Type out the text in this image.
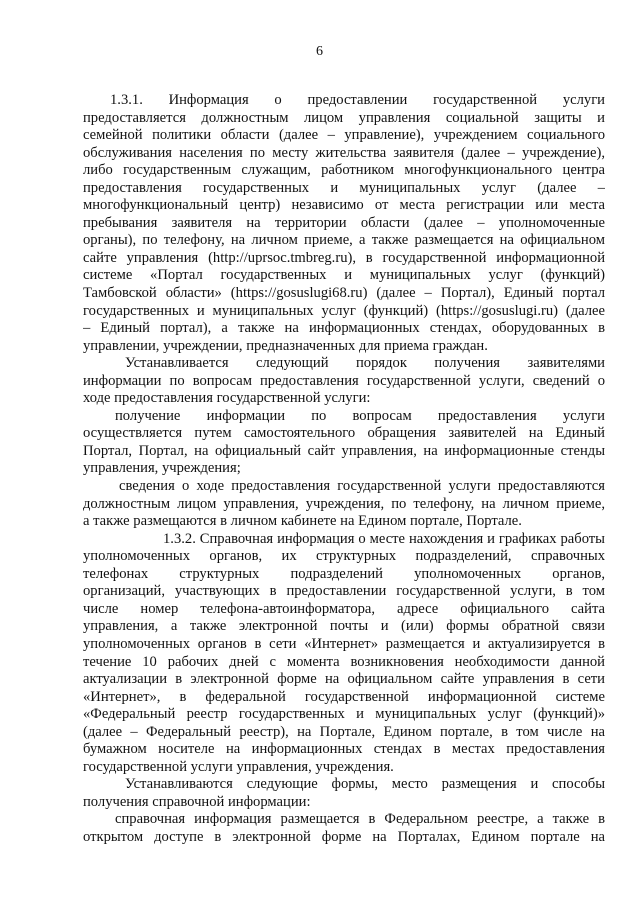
6
1.3.1. Информация о предоставлении государственной услуги
предоставляется должностным лицом управления социальной защиты и
семейной политики области (далее – управление), учреждением социального
обслуживания населения по месту жительства заявителя (далее – учреждение),
либо государственным служащим, работником многофункционального центра
предоставления государственных и муниципальных услуг (далее –
многофункциональный центр) независимо от места регистрации или места
пребывания заявителя на территории области (далее – уполномоченные
органы), по телефону, на личном приеме, а также размещается на официальном
сайте управления (http://uprsoc.tmbreg.ru), в государственной информационной
системе «Портал государственных и муниципальных услуг (функций)
Тамбовской области» (https://gosuslugi68.ru) (далее – Портал), Единый портал
государственных и муниципальных услуг (функций) (https://gosuslugi.ru) (далее
– Единый портал), а также на информационных стендах, оборудованных в
управлении, учреждении, предназначенных для приема граждан.
Устанавливается следующий порядок получения заявителями
информации по вопросам предоставления государственной услуги, сведений о
ходе предоставления государственной услуги:
получение информации по вопросам предоставления услуги
осуществляется путем самостоятельного обращения заявителей на Единый
Портал, Портал, на официальный сайт управления, на информационные стенды
управления, учреждения;
сведения о ходе предоставления государственной услуги предоставляются
должностным лицом управления, учреждения, по телефону, на личном приеме,
а также размещаются в личном кабинете на Едином портале, Портале.
1.3.2. Справочная информация о месте нахождения и графиках работы
уполномоченных органов, их структурных подразделений, справочных
телефонах структурных подразделений уполномоченных органов,
организаций, участвующих в предоставлении государственной услуги, в том
числе номер телефона-автоинформатора, адресе официального сайта
управления, а также электронной почты и (или) формы обратной связи
уполномоченных органов в сети «Интернет» размещается и актуализируется в
течение 10 рабочих дней с момента возникновения необходимости данной
актуализации в электронной форме на официальном сайте управления в сети
«Интернет», в федеральной государственной информационной системе
«Федеральный реестр государственных и муниципальных услуг (функций)»
(далее – Федеральный реестр), на Портале, Едином портале, в том числе на
бумажном носителе на информационных стендах в местах предоставления
государственной услуги управления, учреждения.
Устанавливаются следующие формы, место размещения и способы
получения справочной информации:
справочная информация размещается в Федеральном реестре, а также в
открытом доступе в электронной форме на Порталах, Едином портале на
